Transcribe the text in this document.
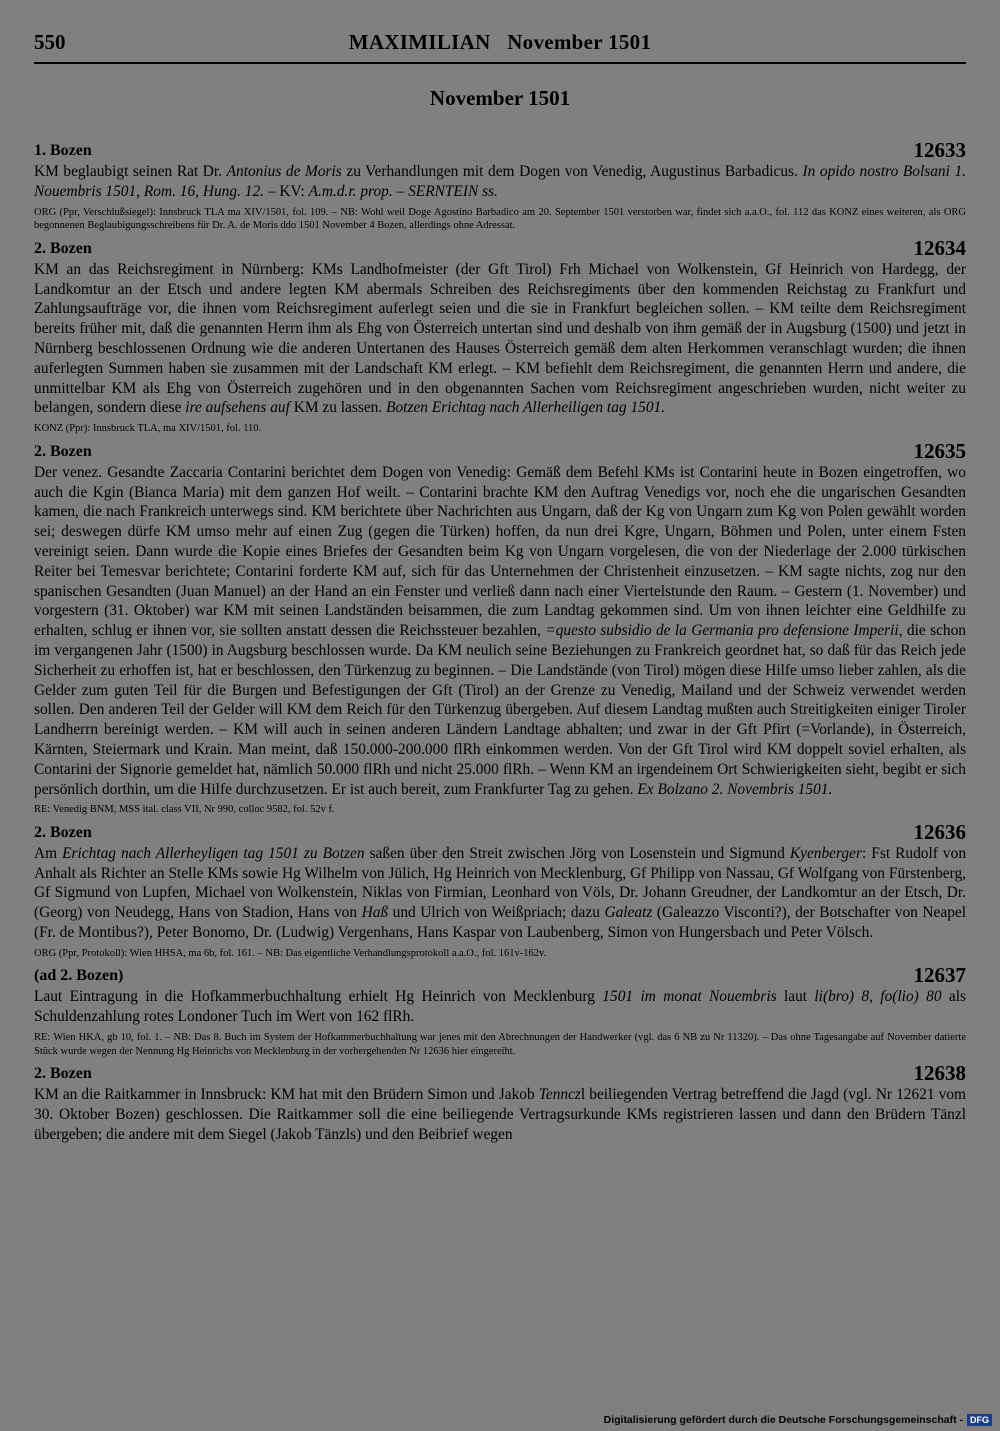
550	MAXIMILIAN   November 1501
November 1501
1. Bozen	12633
KM beglaubigt seinen Rat Dr. Antonius de Moris zu Verhandlungen mit dem Dogen von Venedig, Augustinus Barbadicus. In opido nostro Bolsani 1. Nouembris 1501, Rom. 16, Hung. 12. – KV: A.m.d.r. prop. – SERNTEIN ss.
ORG (Ppr, Verschlußsiegel): Innsbruck TLA ma XIV/1501, fol. 109. – NB: Wohl weil Doge Agostino Barbadico am 20. September 1501 verstorben war, findet sich a.a.O., fol. 112 das KONZ eines weiteren, als ORG begonnenen Beglaubigungsschreibens für Dr. A. de Moris ddo 1501 November 4 Bozen, allerdings ohne Adressat.
2. Bozen	12634
KM an das Reichsregiment in Nürnberg: KMs Landhofmeister (der Gft Tirol) Frh Michael von Wolkenstein, Gf Heinrich von Hardegg, der Landkomtur an der Etsch und andere legten KM abermals Schreiben des Reichsregiments über den kommenden Reichstag zu Frankfurt und Zahlungsaufträge vor, die ihnen vom Reichsregiment auferlegt seien und die sie in Frankfurt begleichen sollen. – KM teilte dem Reichsregiment bereits früher mit, daß die genannten Herrn ihm als Ehg von Österreich untertan sind und deshalb von ihm gemäß der in Augsburg (1500) und jetzt in Nürnberg beschlossenen Ordnung wie die anderen Untertanen des Hauses Österreich gemäß dem alten Herkommen veranschlagt wurden; die ihnen auferlegten Summen haben sie zusammen mit der Landschaft KM erlegt. – KM befiehlt dem Reichsregiment, die genannten Herrn und andere, die unmittelbar KM als Ehg von Österreich zugehören und in den obgenannten Sachen vom Reichsregiment angeschrieben wurden, nicht weiter zu belangen, sondern diese ire aufsehens auf KM zu lassen. Botzen Erichtag nach Allerheiligen tag 1501.
KONZ (Ppr): Innsbruck TLA, ma XIV/1501, fol. 110.
2. Bozen	12635
Der venez. Gesandte Zaccaria Contarini berichtet dem Dogen von Venedig: Gemäß dem Befehl KMs ist Contarini heute in Bozen eingetroffen, wo auch die Kgin (Bianca Maria) mit dem ganzen Hof weilt. – Contarini brachte KM den Auftrag Venedigs vor, noch ehe die ungarischen Gesandten kamen, die nach Frankreich unterwegs sind. KM berichtete über Nachrichten aus Ungarn, daß der Kg von Ungarn zum Kg von Polen gewählt worden sei; deswegen dürfe KM umso mehr auf einen Zug (gegen die Türken) hoffen, da nun drei Kgre, Ungarn, Böhmen und Polen, unter einem Fsten vereinigt seien. Dann wurde die Kopie eines Briefes der Gesandten beim Kg von Ungarn vorgelesen, die von der Niederlage der 2.000 türkischen Reiter bei Temesvar berichtete; Contarini forderte KM auf, sich für das Unternehmen der Christenheit einzusetzen. – KM sagte nichts, zog nur den spanischen Gesandten (Juan Manuel) an der Hand an ein Fenster und verließ dann nach einer Viertelstunde den Raum. – Gestern (1. November) und vorgestern (31. Oktober) war KM mit seinen Landständen beisammen, die zum Landtag gekommen sind. Um von ihnen leichter eine Geldhilfe zu erhalten, schlug er ihnen vor, sie sollten anstatt dessen die Reichssteuer bezahlen, =questo subsidio de la Germania pro defensione Imperii, die schon im vergangenen Jahr (1500) in Augsburg beschlossen wurde. Da KM neulich seine Beziehungen zu Frankreich geordnet hat, so daß für das Reich jede Sicherheit zu erhoffen ist, hat er beschlossen, den Türkenzug zu beginnen. – Die Landstände (von Tirol) mögen diese Hilfe umso lieber zahlen, als die Gelder zum guten Teil für die Burgen und Befestigungen der Gft (Tirol) an der Grenze zu Venedig, Mailand und der Schweiz verwendet werden sollen. Den anderen Teil der Gelder will KM dem Reich für den Türkenzug übergeben. Auf diesem Landtag mußten auch Streitigkeiten einiger Tiroler Landherrn bereinigt werden. – KM will auch in seinen anderen Ländern Landtage abhalten; und zwar in der Gft Pfirt (=Vorlande), in Österreich, Kärnten, Steiermark und Krain. Man meint, daß 150.000-200.000 flRh einkommen werden. Von der Gft Tirol wird KM doppelt soviel erhalten, als Contarini der Signorie gemeldet hat, nämlich 50.000 flRh und nicht 25.000 flRh. – Wenn KM an irgendeinem Ort Schwierigkeiten sieht, begibt er sich persönlich dorthin, um die Hilfe durchzusetzen. Er ist auch bereit, zum Frankfurter Tag zu gehen. Ex Bolzano 2. Novembris 1501.
RE: Venedig BNM, MSS ital. class VII, Nr 990, colloc 9582, fol. 52v f.
2. Bozen	12636
Am Erichtag nach Allerheyligen tag 1501 zu Botzen saßen über den Streit zwischen Jörg von Losenstein und Sigmund Kyenberger: Fst Rudolf von Anhalt als Richter an Stelle KMs sowie Hg Wilhelm von Jülich, Hg Heinrich von Mecklenburg, Gf Philipp von Nassau, Gf Wolfgang von Fürstenberg, Gf Sigmund von Lupfen, Michael von Wolkenstein, Niklas von Firmian, Leonhard von Völs, Dr. Johann Greudner, der Landkomtur an der Etsch, Dr. (Georg) von Neudegg, Hans von Stadion, Hans von Haß und Ulrich von Weißpriach; dazu Galeatz (Galeazzo Visconti?), der Botschafter von Neapel (Fr. de Montibus?), Peter Bonomo, Dr. (Ludwig) Vergenhans, Hans Kaspar von Laubenberg, Simon von Hungersbach und Peter Völsch.
ORG (Ppr, Protokoll): Wien HHSA, ma 6b, fol. 161. – NB: Das eigentliche Verhandlungsprotokoll a.a.O., fol. 161v-162v.
(ad 2. Bozen)	12637
Laut Eintragung in die Hofkammerbuchhaltung erhielt Hg Heinrich von Mecklenburg 1501 im monat Nouembris laut li(bro) 8, fo(lio) 80 als Schuldenzahlung rotes Londoner Tuch im Wert von 162 flRh.
RE: Wien HKA, gb 10, fol. 1. – NB: Das 8. Buch im System der Hofkammerbuchhaltung war jenes mit den Abrechnungen der Handwerker (vgl. das 6 NB zu Nr 11320). – Das ohne Tagesangabe auf November datierte Stück wurde wegen der Nennung Hg Heinrichs von Mecklenburg in der vorhergehenden Nr 12636 hier eingereiht.
2. Bozen	12638
KM an die Raitkammer in Innsbruck: KM hat mit den Brüdern Simon und Jakob Tennczl beiliegenden Vertrag betreffend die Jagd (vgl. Nr 12621 vom 30. Oktober Bozen) geschlossen. Die Raitkammer soll die eine beiliegende Vertragsurkunde KMs registrieren lassen und dann den Brüdern Tänzl übergeben; die andere mit dem Siegel (Jakob Tänzls) und den Beibrief wegen
Digitalisierung gefördert durch die Deutsche Forschungsgemeinschaft - DFG
